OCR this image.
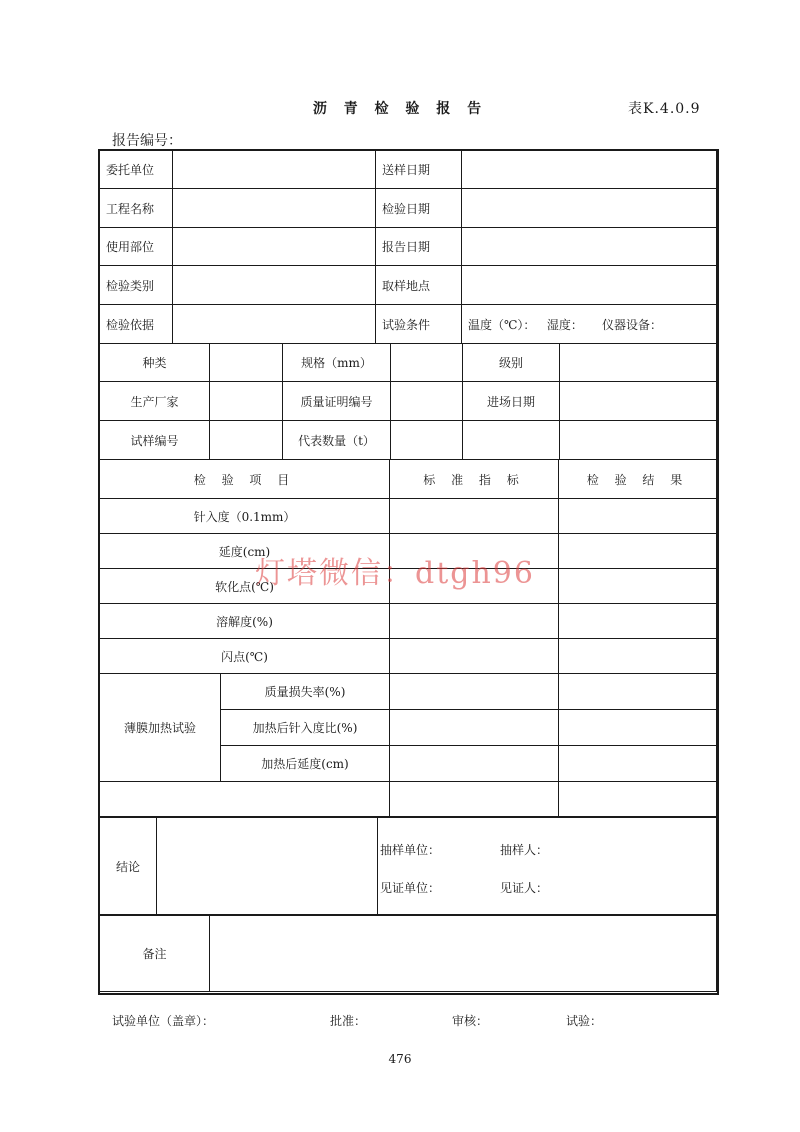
沥 青 检 验 报 告	表K.4.0.9
报告编号：
委托单位		送样日期	
工程名称		检验日期	
使用部位		报告日期	
检验类别		取样地点	
检验依据		试验条件	温度（℃）： 湿度： 仪器设备：
种类		规格（mm）		级别	
生产厂家		质量证明编号		进场日期	
试样编号		代表数量（t）			
检 验 项 目		标 准 指 标	检 验 结 果
针入度（0.1mm）			
延度(cm)			
软化点(℃)			
溶解度(%)			
闪点(℃)			
薄膜加热试验	质量损失率(%)		
	加热后针入度比(%)		
	加热后延度(cm)		

结论		
抽样单位：	抽样人：
见证单位：	见证人：
备注	
灯塔微信：dtgh96
试验单位（盖章）：	批准：	审核：	试验：
476
